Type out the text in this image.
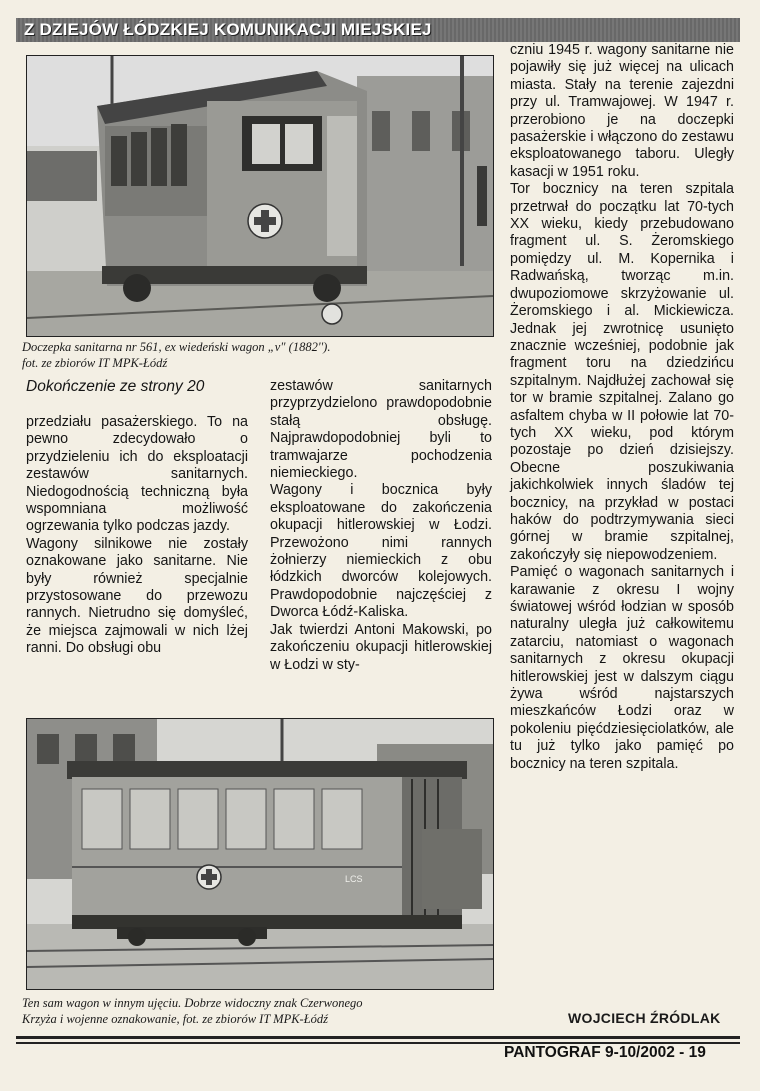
Z DZIEJÓW ŁÓDZKIEJ KOMUNIKACJI MIEJSKIEJ
Doczepka sanitarna nr 561, ex wiedeński wagon „v" (1882'').
fot. ze zbiorów IT MPK-Łódź

Dokończenie ze strony 20

przedziału pasażerskiego. To na pewno zdecydowało o przydzieleniu ich do eksploatacji zestawów sanitarnych. Niedogodnością techniczną była wspomniana możliwość ogrzewania tylko podczas jazdy.

Wagony silnikowe nie zostały oznakowane jako sanitarne. Nie były również specjalnie przystosowane do przewozu rannych. Nietrudno się domyśleć, że miejsca zajmowali w nich lżej ranni. Do obsługi obu

zestawów sanitarnych przyprzydzielono prawdopodobnie stałą obsługę. Najprawdopodobniej byli to tramwajarze pochodzenia niemieckiego.

Wagony i bocznica były eksploatowane do zakończenia okupacji hitlerowskiej w Łodzi. Przewożono nimi rannych żołnierzy niemieckich z obu łódzkich dworców kolejowych. Prawdopodobnie najczęściej z Dworca Łódź-Kaliska.

Jak twierdzi Antoni Makowski, po zakończeniu okupacji hitlerowskiej w Łodzi w sty-

czniu 1945 r. wagony sanitarne nie pojawiły się już więcej na ulicach miasta. Stały na terenie zajezdni przy ul. Tramwajowej. W 1947 r. przerobiono je na doczepki pasażerskie i włączono do zestawu eksploatowanego taboru. Uległy kasacji w 1951 roku.

Tor bocznicy na teren szpitala przetrwał do początku lat 70-tych XX wieku, kiedy przebudowano fragment ul. S. Żeromskiego pomiędzy ul. M. Kopernika i Radwańską, tworząc m.in. dwupoziomowe skrzyżowanie ul. Żeromskiego i al. Mickiewicza. Jednak jej zwrotnicę usunięto znacznie wcześniej, podobnie jak fragment toru na dziedzińcu szpitalnym. Najdłużej zachował się tor w bramie szpitalnej. Zalano go asfaltem chyba w II połowie lat 70-tych XX wieku, pod którym pozostaje po dzień dzisiejszy. Obecne poszukiwania jakichkolwiek innych śladów tej bocznicy, na przykład w postaci haków do podtrzymywania sieci górnej w bramie szpitalnej, zakończyły się niepowodzeniem.

Pamięć o wagonach sanitarnych i karawanie z okresu I wojny światowej wśród łodzian w sposób naturalny uległa już całkowitemu zatarciu, natomiast o wagonach sanitarnych z okresu okupacji hitlerowskiej jest w dalszym ciągu żywa wśród najstarszych mieszkańców Łodzi oraz w pokoleniu pięćdziesięciolatków, ale tu już tylko jako pamięć po bocznicy na teren szpitala.

LCS
Ten sam wagon w innym ujęciu. Dobrze widoczny znak Czerwonego
Krzyża i wojenne oznakowanie, fot. ze zbiorów IT MPK-Łódź	WOJCIECH ŹRÓDLAK

PANTOGRAF 9-10/2002 - 19
